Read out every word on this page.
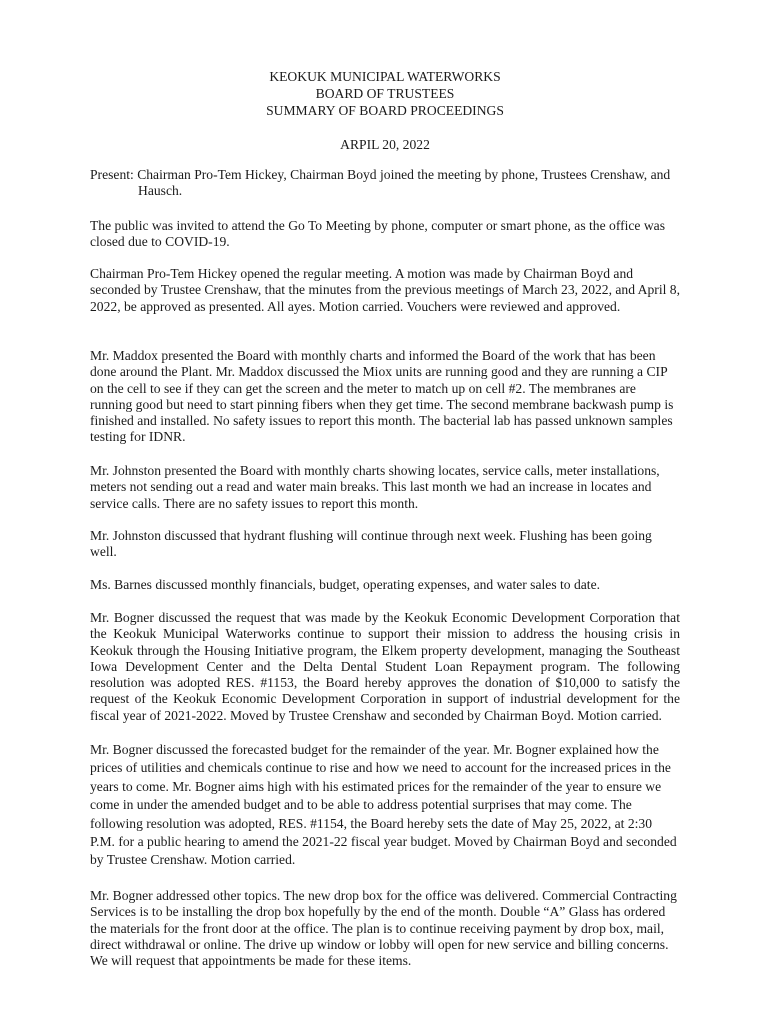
KEOKUK MUNICIPAL WATERWORKS
BOARD OF TRUSTEES
SUMMARY OF BOARD PROCEEDINGS
ARPIL 20, 2022

Present: Chairman Pro-Tem Hickey, Chairman Boyd joined the meeting by phone, Trustees Crenshaw, and Hausch.

The public was invited to attend the Go To Meeting by phone, computer or smart phone, as the office was closed due to COVID-19.

Chairman Pro-Tem Hickey opened the regular meeting. A motion was made by Chairman Boyd and seconded by Trustee Crenshaw, that the minutes from the previous meetings of March 23, 2022, and April 8, 2022, be approved as presented. All ayes. Motion carried. Vouchers were reviewed and approved.

Mr. Maddox presented the Board with monthly charts and informed the Board of the work that has been done around the Plant. Mr. Maddox discussed the Miox units are running good and they are running a CIP on the cell to see if they can get the screen and the meter to match up on cell #2. The membranes are running good but need to start pinning fibers when they get time. The second membrane backwash pump is finished and installed. No safety issues to report this month. The bacterial lab has passed unknown samples testing for IDNR.

Mr. Johnston presented the Board with monthly charts showing locates, service calls, meter installations, meters not sending out a read and water main breaks. This last month we had an increase in locates and service calls. There are no safety issues to report this month.

Mr. Johnston discussed that hydrant flushing will continue through next week. Flushing has been going well.

Ms. Barnes discussed monthly financials, budget, operating expenses, and water sales to date.

Mr. Bogner discussed the request that was made by the Keokuk Economic Development Corporation that the Keokuk Municipal Waterworks continue to support their mission to address the housing crisis in Keokuk through the Housing Initiative program, the Elkem property development, managing the Southeast Iowa Development Center and the Delta Dental Student Loan Repayment program. The following resolution was adopted RES. #1153, the Board hereby approves the donation of $10,000 to satisfy the request of the Keokuk Economic Development Corporation in support of industrial development for the fiscal year of 2021-2022. Moved by Trustee Crenshaw and seconded by Chairman Boyd. Motion carried.

Mr. Bogner discussed the forecasted budget for the remainder of the year. Mr. Bogner explained how the prices of utilities and chemicals continue to rise and how we need to account for the increased prices in the years to come. Mr. Bogner aims high with his estimated prices for the remainder of the year to ensure we come in under the amended budget and to be able to address potential surprises that may come. The following resolution was adopted, RES. #1154, the Board hereby sets the date of May 25, 2022, at 2:30 P.M. for a public hearing to amend the 2021-22 fiscal year budget. Moved by Chairman Boyd and seconded by Trustee Crenshaw. Motion carried.

Mr. Bogner addressed other topics. The new drop box for the office was delivered. Commercial Contracting Services is to be installing the drop box hopefully by the end of the month. Double “A” Glass has ordered the materials for the front door at the office. The plan is to continue receiving payment by drop box, mail, direct withdrawal or online. The drive up window or lobby will open for new service and billing concerns. We will request that appointments be made for these items.
